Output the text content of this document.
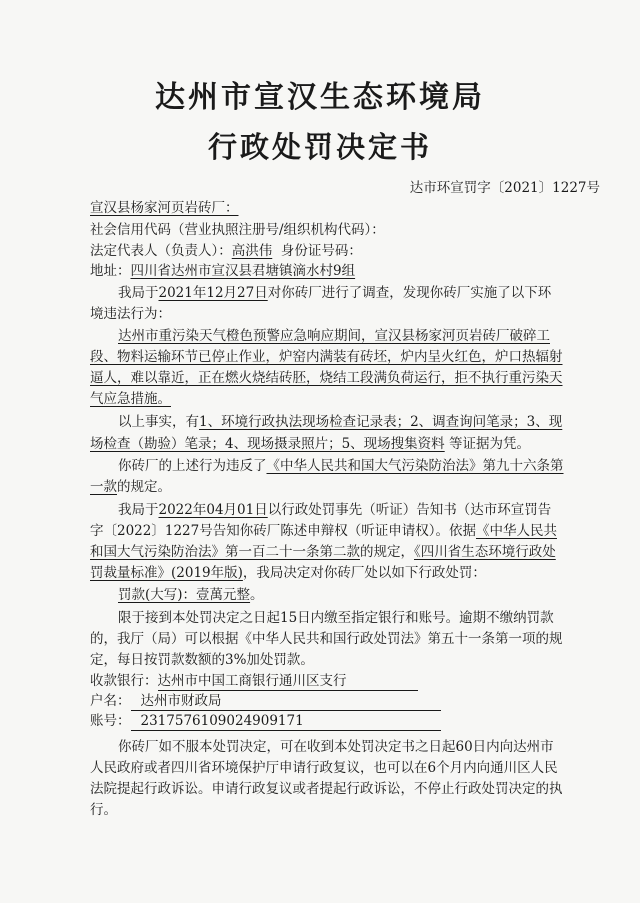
达州市宣汉生态环境局
行政处罚决定书
达市环宣罚字〔2021〕1227号
宣汉县杨家河页岩砖厂：
社会信用代码（营业执照注册号/组织机构代码）：
法定代表人（负责人）：高洪伟 身份证号码：
地址：四川省达州市宣汉县君塘镇滴水村9组
我局于2021年12月27日对你砖厂进行了调查，发现你砖厂实施了以下环
境违法行为：
达州市重污染天气橙色预警应急响应期间，宣汉县杨家河页岩砖厂破碎工
段、物料运输环节已停止作业，炉窑内满装有砖坯，炉内呈火红色，炉口热辐射
逼人，难以靠近，正在燃火烧结砖胚，烧结工段满负荷运行，拒不执行重污染天
气应急措施。
以上事实，有1、环境行政执法现场检查记录表；2、调查询问笔录；3、现
场检查（勘验）笔录；4、现场摄录照片；5、现场搜集资料 等证据为凭。
你砖厂的上述行为违反了《中华人民共和国大气污染防治法》第九十六条第
一款的规定。
我局于2022年04月01日以行政处罚事先（听证）告知书（达市环宣罚告
字〔2022〕1227号告知你砖厂陈述申辩权（听证申请权）。依据《中华人民共
和国大气污染防治法》第一百二十一条第二款的规定，《四川省生态环境行政处
罚裁量标准》(2019年版)，我局决定对你砖厂处以如下行政处罚：
罚款(大写)：壹萬元整。
限于接到本处罚决定之日起15日内缴至指定银行和账号。逾期不缴纳罚款
的，我厅（局）可以根据《中华人民共和国行政处罚法》第五十一条第一项的规
定，每日按罚款数额的3%加处罚款。
收款银行：达州市中国工商银行通川区支行
户名： 达州市财政局
账号： 2317576109024909171
你砖厂如不服本处罚决定，可在收到本处罚决定书之日起60日内向达州市
人民政府或者四川省环境保护厅申请行政复议，也可以在6个月内向通川区人民
法院提起行政诉讼。申请行政复议或者提起行政诉讼，不停止行政处罚决定的执
行。
